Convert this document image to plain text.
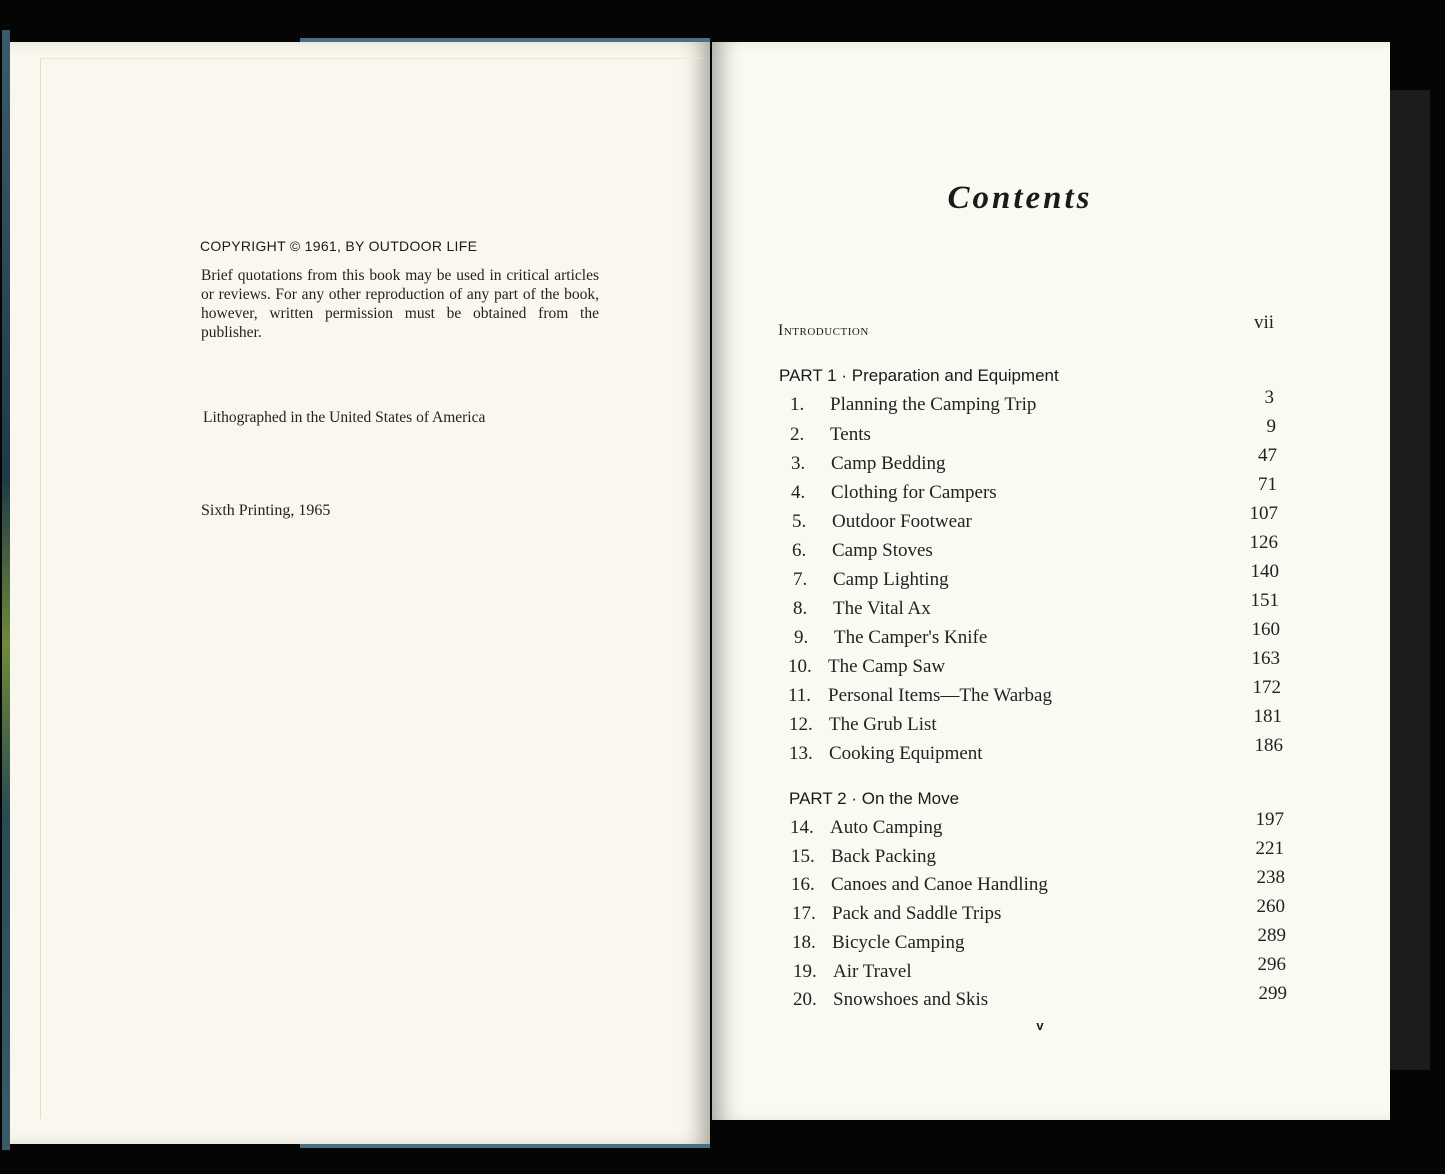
COPYRIGHT © 1961, BY OUTDOOR LIFE
Brief quotations from this book may be used in critical articles or reviews. For any other reproduction of any part of the book, however, written permission must be obtained from the publisher.
Lithographed in the United States of America
Sixth Printing, 1965
Contents
Introduction	vii
PART 1 · Preparation and Equipment
1.	Planning the Camping Trip	3
2.	Tents	9
3.	Camp Bedding	47
4.	Clothing for Campers	71
5.	Outdoor Footwear	107
6.	Camp Stoves	126
7.	Camp Lighting	140
8.	The Vital Ax	151
9.	The Camper's Knife	160
10. The Camp Saw	163
11. Personal Items—The Warbag	172
12. The Grub List	181
13. Cooking Equipment	186
PART 2 · On the Move
14. Auto Camping	197
15. Back Packing	221
16. Canoes and Canoe Handling	238
17. Pack and Saddle Trips	260
18. Bicycle Camping	289
19. Air Travel	296
20. Snowshoes and Skis	299
v
